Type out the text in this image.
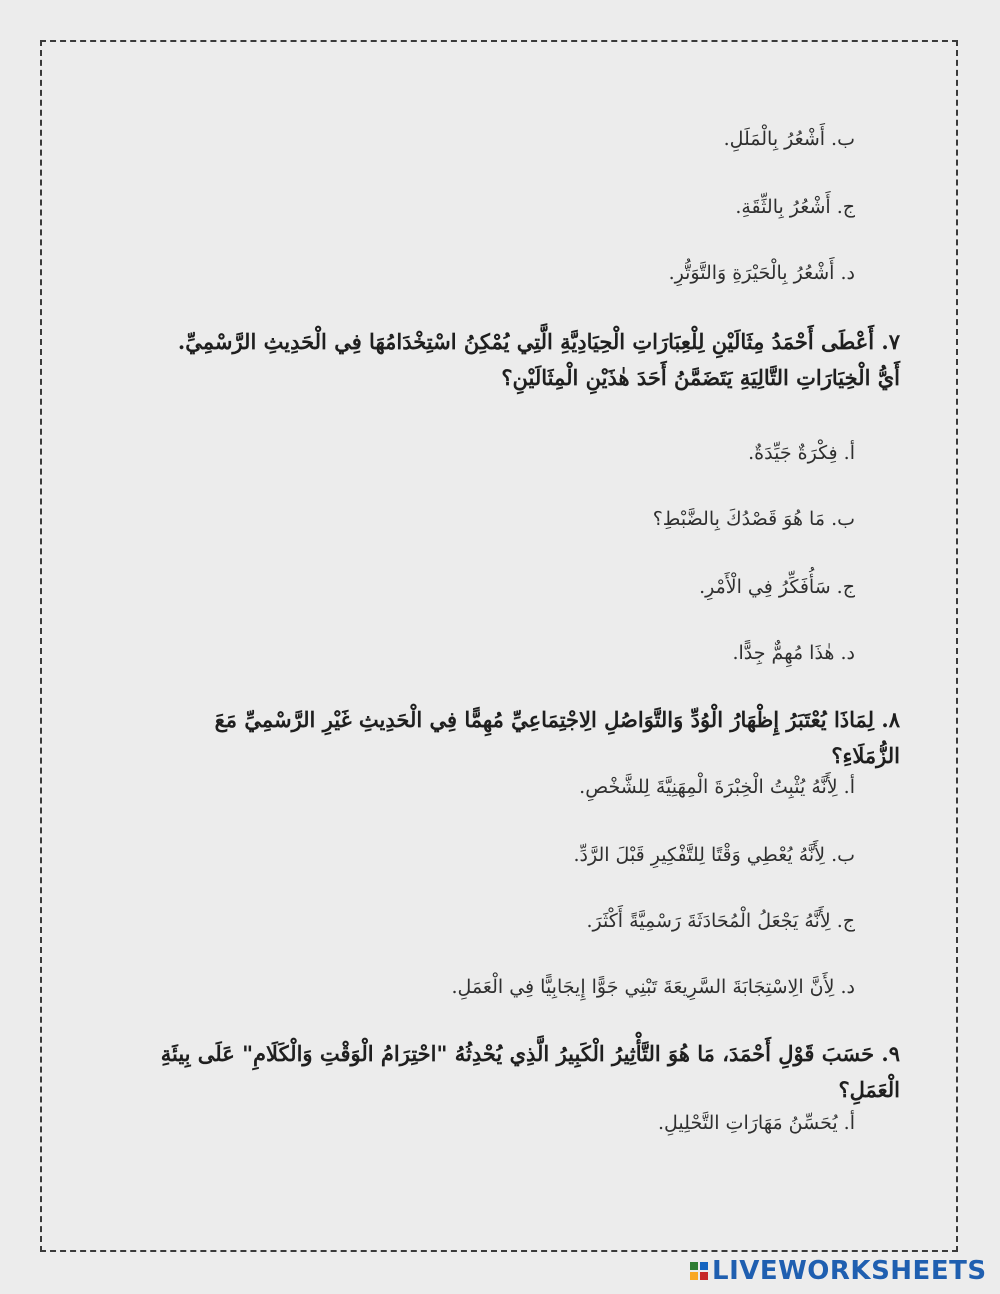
ب. أَشْعُرُ بِالْمَلَلِ.
ج. أَشْعُرُ بِالثِّقَةِ.
د. أَشْعُرُ بِالْحَيْرَةِ وَالتَّوَتُّرِ.
٧. أَعْطَى أَحْمَدُ مِثَالَيْنِ لِلْعِبَارَاتِ الْحِيَادِيَّةِ الَّتِي يُمْكِنُ اسْتِخْدَامُهَا فِي الْحَدِيثِ الرَّسْمِيِّ. أَيُّ الْخِيَارَاتِ التَّالِيَةِ يَتَضَمَّنُ أَحَدَ هٰذَيْنِ الْمِثَالَيْنِ؟
أ. فِكْرَةٌ جَيِّدَةٌ.
ب. مَا هُوَ قَصْدُكَ بِالضَّبْطِ؟
ج. سَأُفَكِّرُ فِي الْأَمْرِ.
د. هٰذَا مُهِمٌّ جِدًّا.
٨. لِمَاذَا يُعْتَبَرُ إِظْهَارُ الْوُدِّ وَالتَّوَاصُلِ الِاجْتِمَاعِيِّ مُهِمًّا فِي الْحَدِيثِ غَيْرِ الرَّسْمِيِّ مَعَ الزُّمَلَاءِ؟
أ. لِأَنَّهُ يُثْبِتُ الْخِبْرَةَ الْمِهَنِيَّةَ لِلشَّخْصِ.
ب. لِأَنَّهُ يُعْطِي وَقْتًا لِلتَّفْكِيرِ قَبْلَ الرَّدِّ.
ج. لِأَنَّهُ يَجْعَلُ الْمُحَادَثَةَ رَسْمِيَّةً أَكْثَرَ.
د. لِأَنَّ الِاسْتِجَابَةَ السَّرِيعَةَ تَبْنِي جَوًّا إِيجَابِيًّا فِي الْعَمَلِ.
٩. حَسَبَ قَوْلِ أَحْمَدَ، مَا هُوَ التَّأْثِيرُ الْكَبِيرُ الَّذِي يُحْدِثُهُ "احْتِرَامُ الْوَقْتِ وَالْكَلَامِ" عَلَى بِيئَةِ الْعَمَلِ؟
أ. يُحَسِّنُ مَهَارَاتِ التَّحْلِيلِ.
LIVEWORKSHEETS
